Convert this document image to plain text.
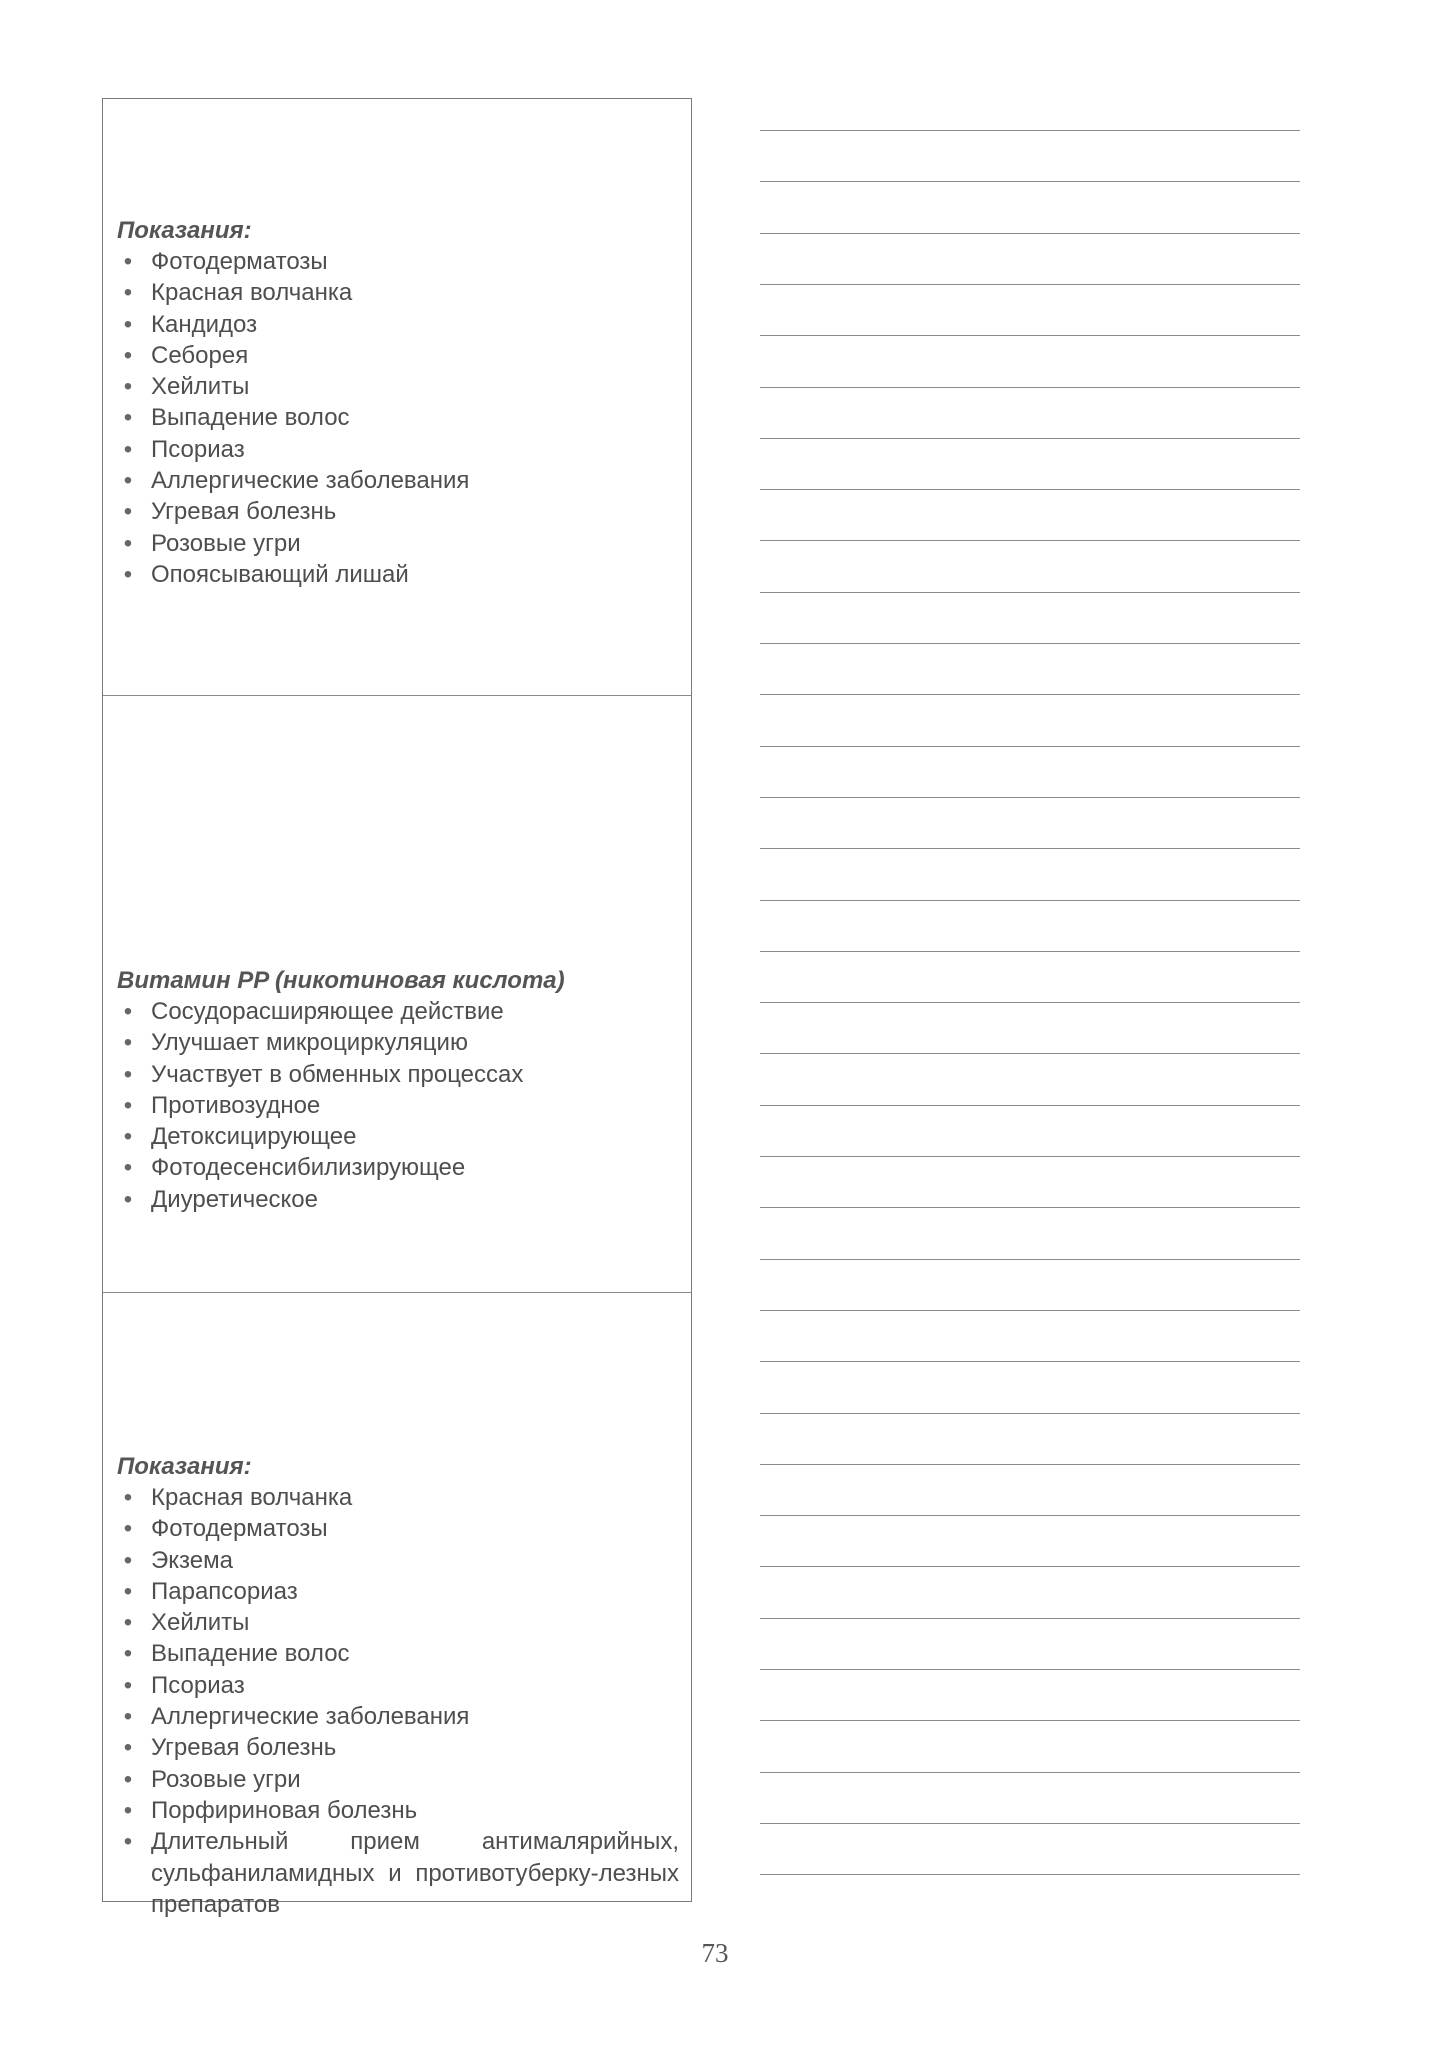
Показания:

• Фотодерматозы
• Красная волчанка
• Кандидоз
• Себорея
• Хейлиты
• Выпадение волос
• Псориаз
• Аллергические заболевания
• Угревая болезнь
• Розовые угри
• Опоясывающий лишай

Витамин PP (никотиновая кислота)

• Сосудорасширяющее действие
• Улучшает микроциркуляцию
• Участвует в обменных процессах
• Противозудное
• Детоксицирующее
• Фотодесенсибилизирующее
• Диуретическое

Показания:

• Красная волчанка
• Фотодерматозы
• Экзема
• Парапсориаз
• Хейлиты
• Выпадение волос
• Псориаз
• Аллергические заболевания
• Угревая болезнь
• Розовые угри
• Порфириновая болезнь
• Длительный прием антималярийных, сульфаниламидных и противотуберку-лезных препаратов
73
